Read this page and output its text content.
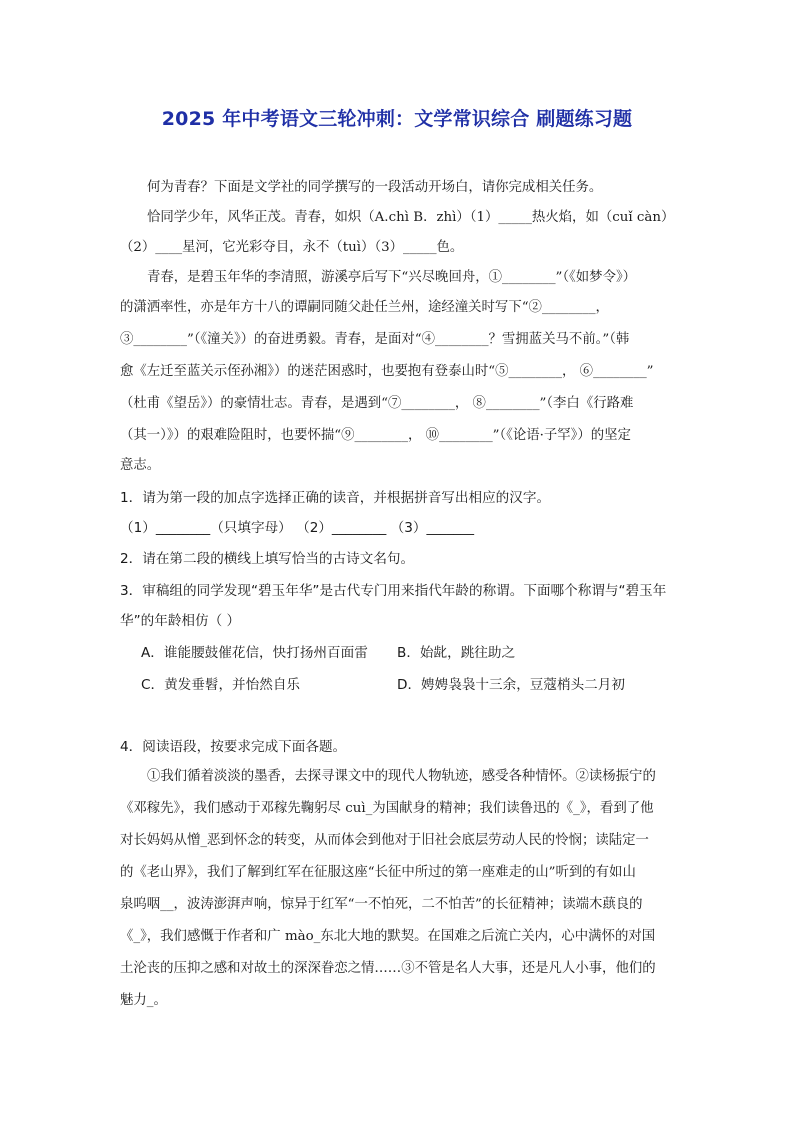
2025 年中考语文三轮冲刺：文学常识综合 刷题练习题
何为青春？下面是文学社的同学撰写的一段活动开场白，请你完成相关任务。
恰同学少年，风华正茂。青春，如炽（A.chì B．zhì）（1）_____热火焰，如（cuǐ càn）
（2）____星河，它光彩夺目，永不（tuì）（3）_____色。
青春，是碧玉年华的李清照，游溪亭后写下“兴尽晚回舟，①________”（《如梦令》）
的潇洒率性，亦是年方十八的谭嗣同随父赴任兰州，途经潼关时写下“②________，
③________”（《潼关》）的奋进勇毅。青春，是面对“④________？雪拥蓝关马不前。”（韩
愈《左迁至蓝关示侄孙湘》）的迷茫困惑时，也要抱有登泰山时“⑤________， ⑥________”
（杜甫《望岳》）的豪情壮志。青春，是遇到“⑦________， ⑧________”（李白《行路难
（其一）》）的艰难险阻时，也要怀揣“⑨________， ⑩________”（《论语·子罕》）的坚定
意志。
1．请为第一段的加点字选择正确的读音，并根据拼音写出相应的汉字。
（1）________（只填字母） （2）________ （3）_______
2．请在第二段的横线上填写恰当的古诗文名句。
3．审稿组的同学发现“碧玉年华”是古代专门用来指代年龄的称谓。下面哪个称谓与“碧玉年
华”的年龄相仿（ ）
A．谁能腰鼓催花信，快打扬州百面雷 B．始龀，跳往助之
C．黄发垂髫，并怡然自乐	D．娉娉袅袅十三余，豆蔻梢头二月初
4．阅读语段，按要求完成下面各题。
①我们循着淡淡的墨香，去探寻课文中的现代人物轨迹，感受各种情怀。②读杨振宁的
《邓稼先》，我们感动于邓稼先鞠躬尽 cuì_为国献身的精神；我们读鲁迅的《_》，看到了他
对长妈妈从憎_恶到怀念的转变，从而体会到他对于旧社会底层劳动人民的怜悯；读陆定一
的《老山界》，我们了解到红军在征服这座“长征中所过的第一座难走的山”听到的有如山
泉呜咽__，波涛澎湃声响，惊异于红军“一不怕死，二不怕苦”的长征精神；读端木蕻良的
《_》，我们感慨于作者和广 mào_东北大地的默契。在国难之后流亡关内，心中满怀的对国
土沦丧的压抑之感和对故土的深深眷恋之情……③不管是名人大事，还是凡人小事，他们的
魅力_。
